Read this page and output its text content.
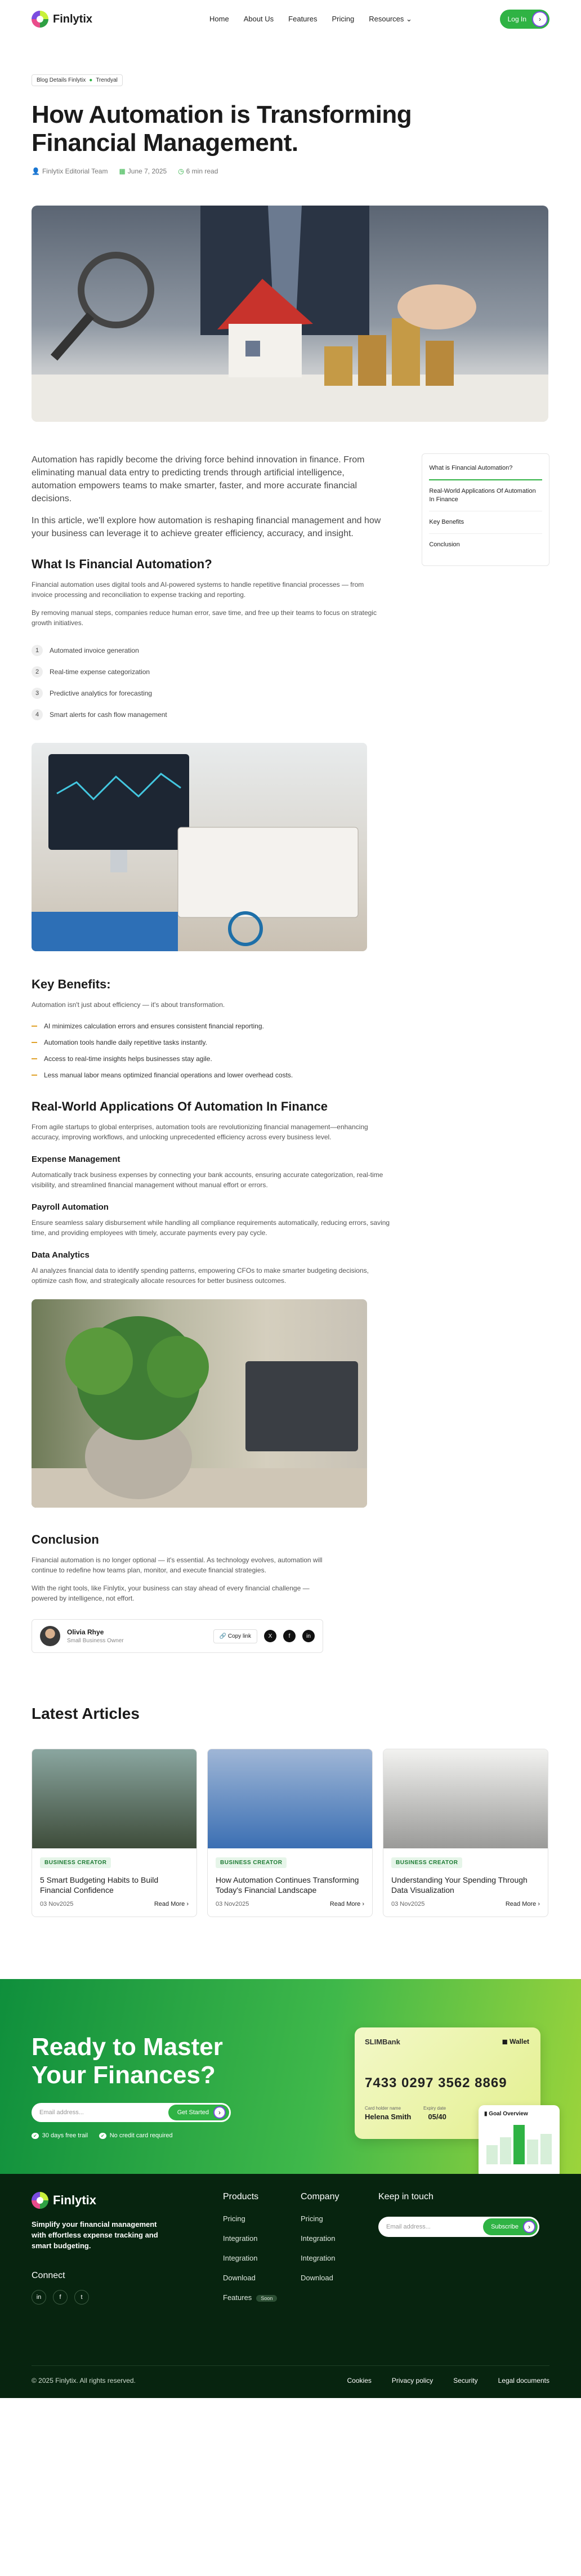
Finlytix	Home About Us Features Pricing Resources ⌄	Log In	›
Blog Details Finlytix ● Trendyal
How Automation is Transforming Financial Management.
👤 Finlytix Editorial Team ▦ June 7, 2025 ◷ 6 min read

Automation has rapidly become the driving force behind innovation in finance. From eliminating manual data entry to predicting trends through artificial intelligence, automation empowers teams to make smarter, faster, and more accurate financial decisions.

In this article, we'll explore how automation is reshaping financial management and how your business can leverage it to achieve greater efficiency, accuracy, and insight.

What Is Financial Automation?

Financial automation uses digital tools and AI-powered systems to handle repetitive financial processes — from invoice processing and reconciliation to expense tracking and reporting.

By removing manual steps, companies reduce human error, save time, and free up their teams to focus on strategic growth initiatives.

1	Automated invoice generation
2	Real-time expense categorization
3	Predictive analytics for forecasting
4	Smart alerts for cash flow management
What is Financial Automation?
Real-World Applications Of Automation In Finance
Key Benefits
Conclusion
Key Benefits:

Automation isn't just about efficiency — it's about transformation.

AI minimizes calculation errors and ensures consistent financial reporting.
Automation tools handle daily repetitive tasks instantly.
Access to real-time insights helps businesses stay agile.
Less manual labor means optimized financial operations and lower overhead costs.
Real-World Applications Of Automation In Finance

From agile startups to global enterprises, automation tools are revolutionizing financial management—enhancing accuracy, improving workflows, and unlocking unprecedented efficiency across every business level.

Expense Management

Automatically track business expenses by connecting your bank accounts, ensuring accurate categorization, real-time visibility, and streamlined financial management without manual effort or errors.

Payroll Automation

Ensure seamless salary disbursement while handling all compliance requirements automatically, reducing errors, saving time, and providing employees with timely, accurate payments every pay cycle.

Data Analytics

AI analyzes financial data to identify spending patterns, empowering CFOs to make smarter budgeting decisions, optimize cash flow, and strategically allocate resources for better business outcomes.

Conclusion

Financial automation is no longer optional — it's essential. As technology evolves, automation will continue to redefine how teams plan, monitor, and execute financial strategies.

With the right tools, like Finlytix, your business can stay ahead of every financial challenge — powered by intelligence, not effort.

Olivia Rhye
Small Business Owner
🔗 Copy link	X	f	in
Latest Articles
BUSINESS CREATOR
5 Smart Budgeting Habits to Build Financial Confidence
03 Nov2025	Read More ›
BUSINESS CREATOR
How Automation Continues Transforming Today's Financial Landscape
03 Nov2025	Read More ›
BUSINESS CREATOR
Understanding Your Spending Through Data Visualization
03 Nov2025	Read More ›
Ready to Master Your Finances?
Email address...	Get Started	›
✔ 30 days free trail
✔	No credit card required
SLIMBank	◼ Wallet
7433 0297 3562 8869
Card holder name	Expiry date
Helena Smith 05/40	▮ Goal Overview
Finlytix
Simplify your financial management with effortless expense tracking and smart budgeting.
Connect
in	f	t
Products
Pricing
Integration
Integration
Download
Features Soon
Company
Pricing
Integration
Integration
Download
Keep in touch
Email address...	Subscribe	›
© 2025 Finlytix. All rights reserved.	Cookies	Privacy policy	Security	Legal documents
